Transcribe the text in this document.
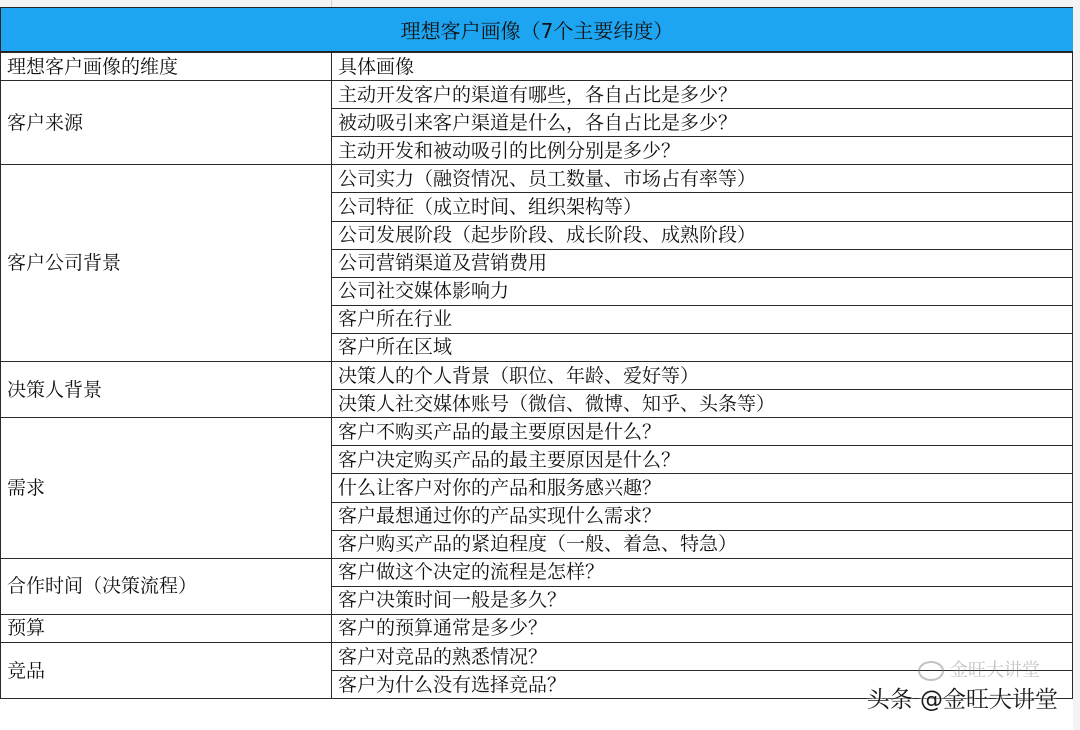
理想客户画像（7个主要纬度）
理想客户画像的维度	具体画像
客户来源	主动开发客户的渠道有哪些，各自占比是多少？
	被动吸引来客户渠道是什么，各自占比是多少？
	主动开发和被动吸引的比例分别是多少？
客户公司背景	公司实力（融资情况、员工数量、市场占有率等）
	公司特征（成立时间、组织架构等）
	公司发展阶段（起步阶段、成长阶段、成熟阶段）
	公司营销渠道及营销费用
	公司社交媒体影响力
	客户所在行业
	客户所在区域
决策人背景	决策人的个人背景（职位、年龄、爱好等）
	决策人社交媒体账号（微信、微博、知乎、头条等）
需求	客户不购买产品的最主要原因是什么？
	客户决定购买产品的最主要原因是什么？
	什么让客户对你的产品和服务感兴趣？
	客户最想通过你的产品实现什么需求？
	客户购买产品的紧迫程度（一般、着急、特急）
合作时间（决策流程）	客户做这个决定的流程是怎样？
	客户决策时间一般是多久？
预算	客户的预算通常是多少？
竞品	客户对竞品的熟悉情况？
	客户为什么没有选择竞品？
金旺大讲堂
头条 @金旺大讲堂
